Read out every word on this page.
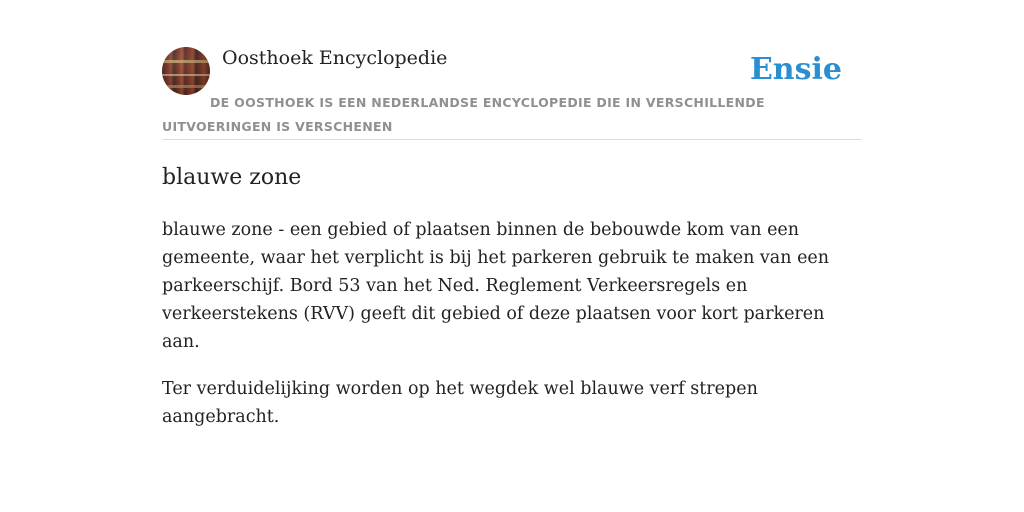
Oosthoek Encyclopedie	Ensie
DE OOSTHOEK IS EEN NEDERLANDSE ENCYCLOPEDIE DIE IN VERSCHILLENDE UITVOERINGEN IS VERSCHENEN
blauwe zone

blauwe zone - een gebied of plaatsen binnen de bebouwde kom van een gemeente, waar het verplicht is bij het parkeren gebruik te maken van een parkeerschijf. Bord 53 van het Ned. Reglement Verkeersregels en verkeerstekens (RVV) geeft dit gebied of deze plaatsen voor kort parkeren aan.

Ter verduidelijking worden op het wegdek wel blauwe verf strepen aangebracht.
